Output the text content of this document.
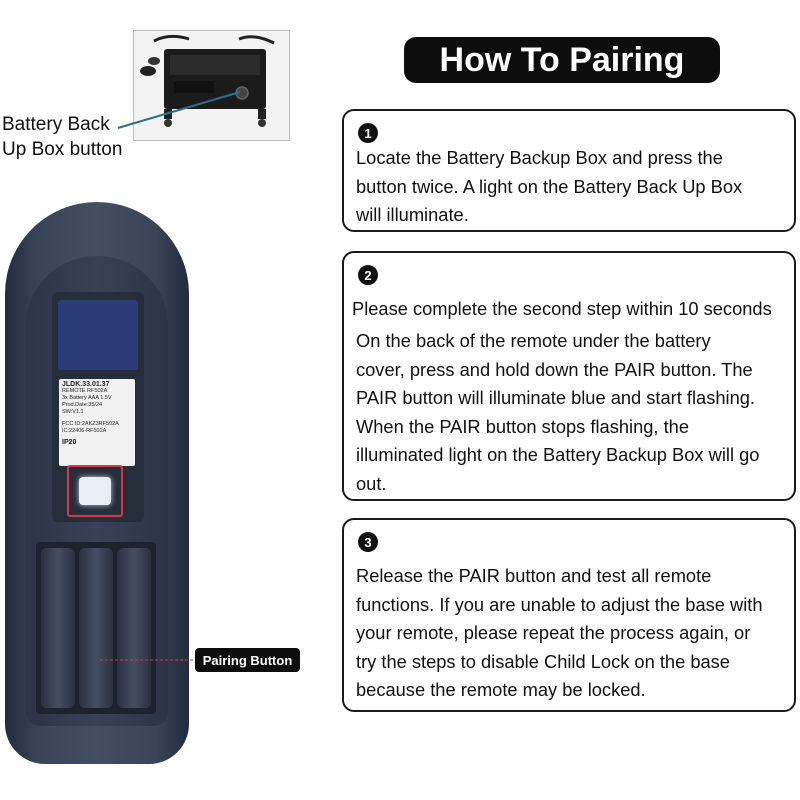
How To Pairing
Battery Back
Up Box button
JLDK.33.01.37
REMOTE RF502A
3x Battery AAA 1.5V
Prod.Date:35/24
SW:V1.1
FCC ID:2AKZ3RF502A
IC:22406-RF502A
IP20
Pairing Button
1
Locate the Battery Backup Box and press the
button twice. A light on the Battery Back Up Box
will illuminate.
2
Please complete the second step within 10 seconds
On the back of the remote under the battery
cover, press and hold down the PAIR button. The
PAIR button will illuminate blue and start flashing.
When the PAIR button stops flashing, the
illuminated light on the Battery Backup Box will go
out.
3
Release the PAIR button and test all remote
functions. If you are unable to adjust the base with
your remote, please repeat the process again, or
try the steps to disable Child Lock on the base
because the remote may be locked.
